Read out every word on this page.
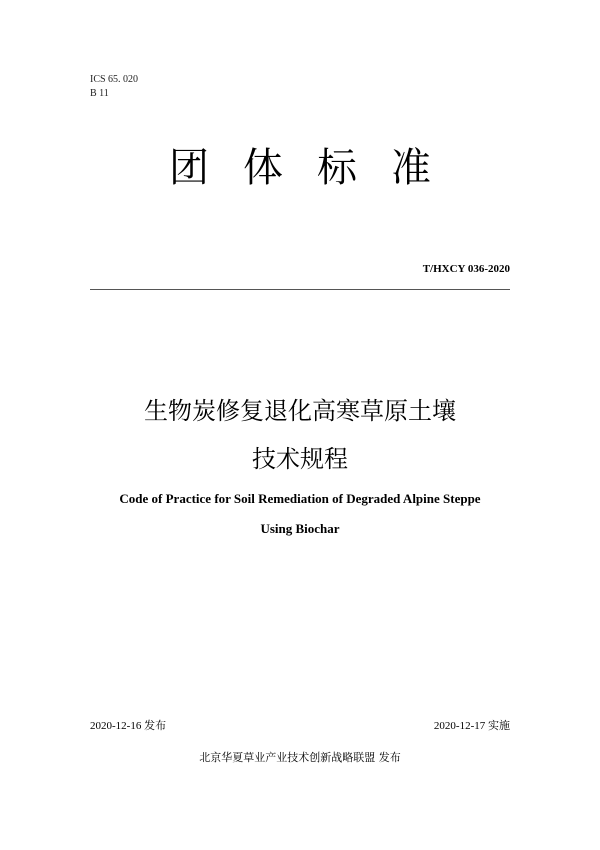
ICS 65. 020
B 11
团体标准
T/HXCY 036-2020
生物炭修复退化高寒草原土壤
技术规程
Code of Practice for Soil Remediation of Degraded Alpine Steppe
Using Biochar
2020-12-16 发布	2020-12-17 实施
北京华夏草业产业技术创新战略联盟 发布
